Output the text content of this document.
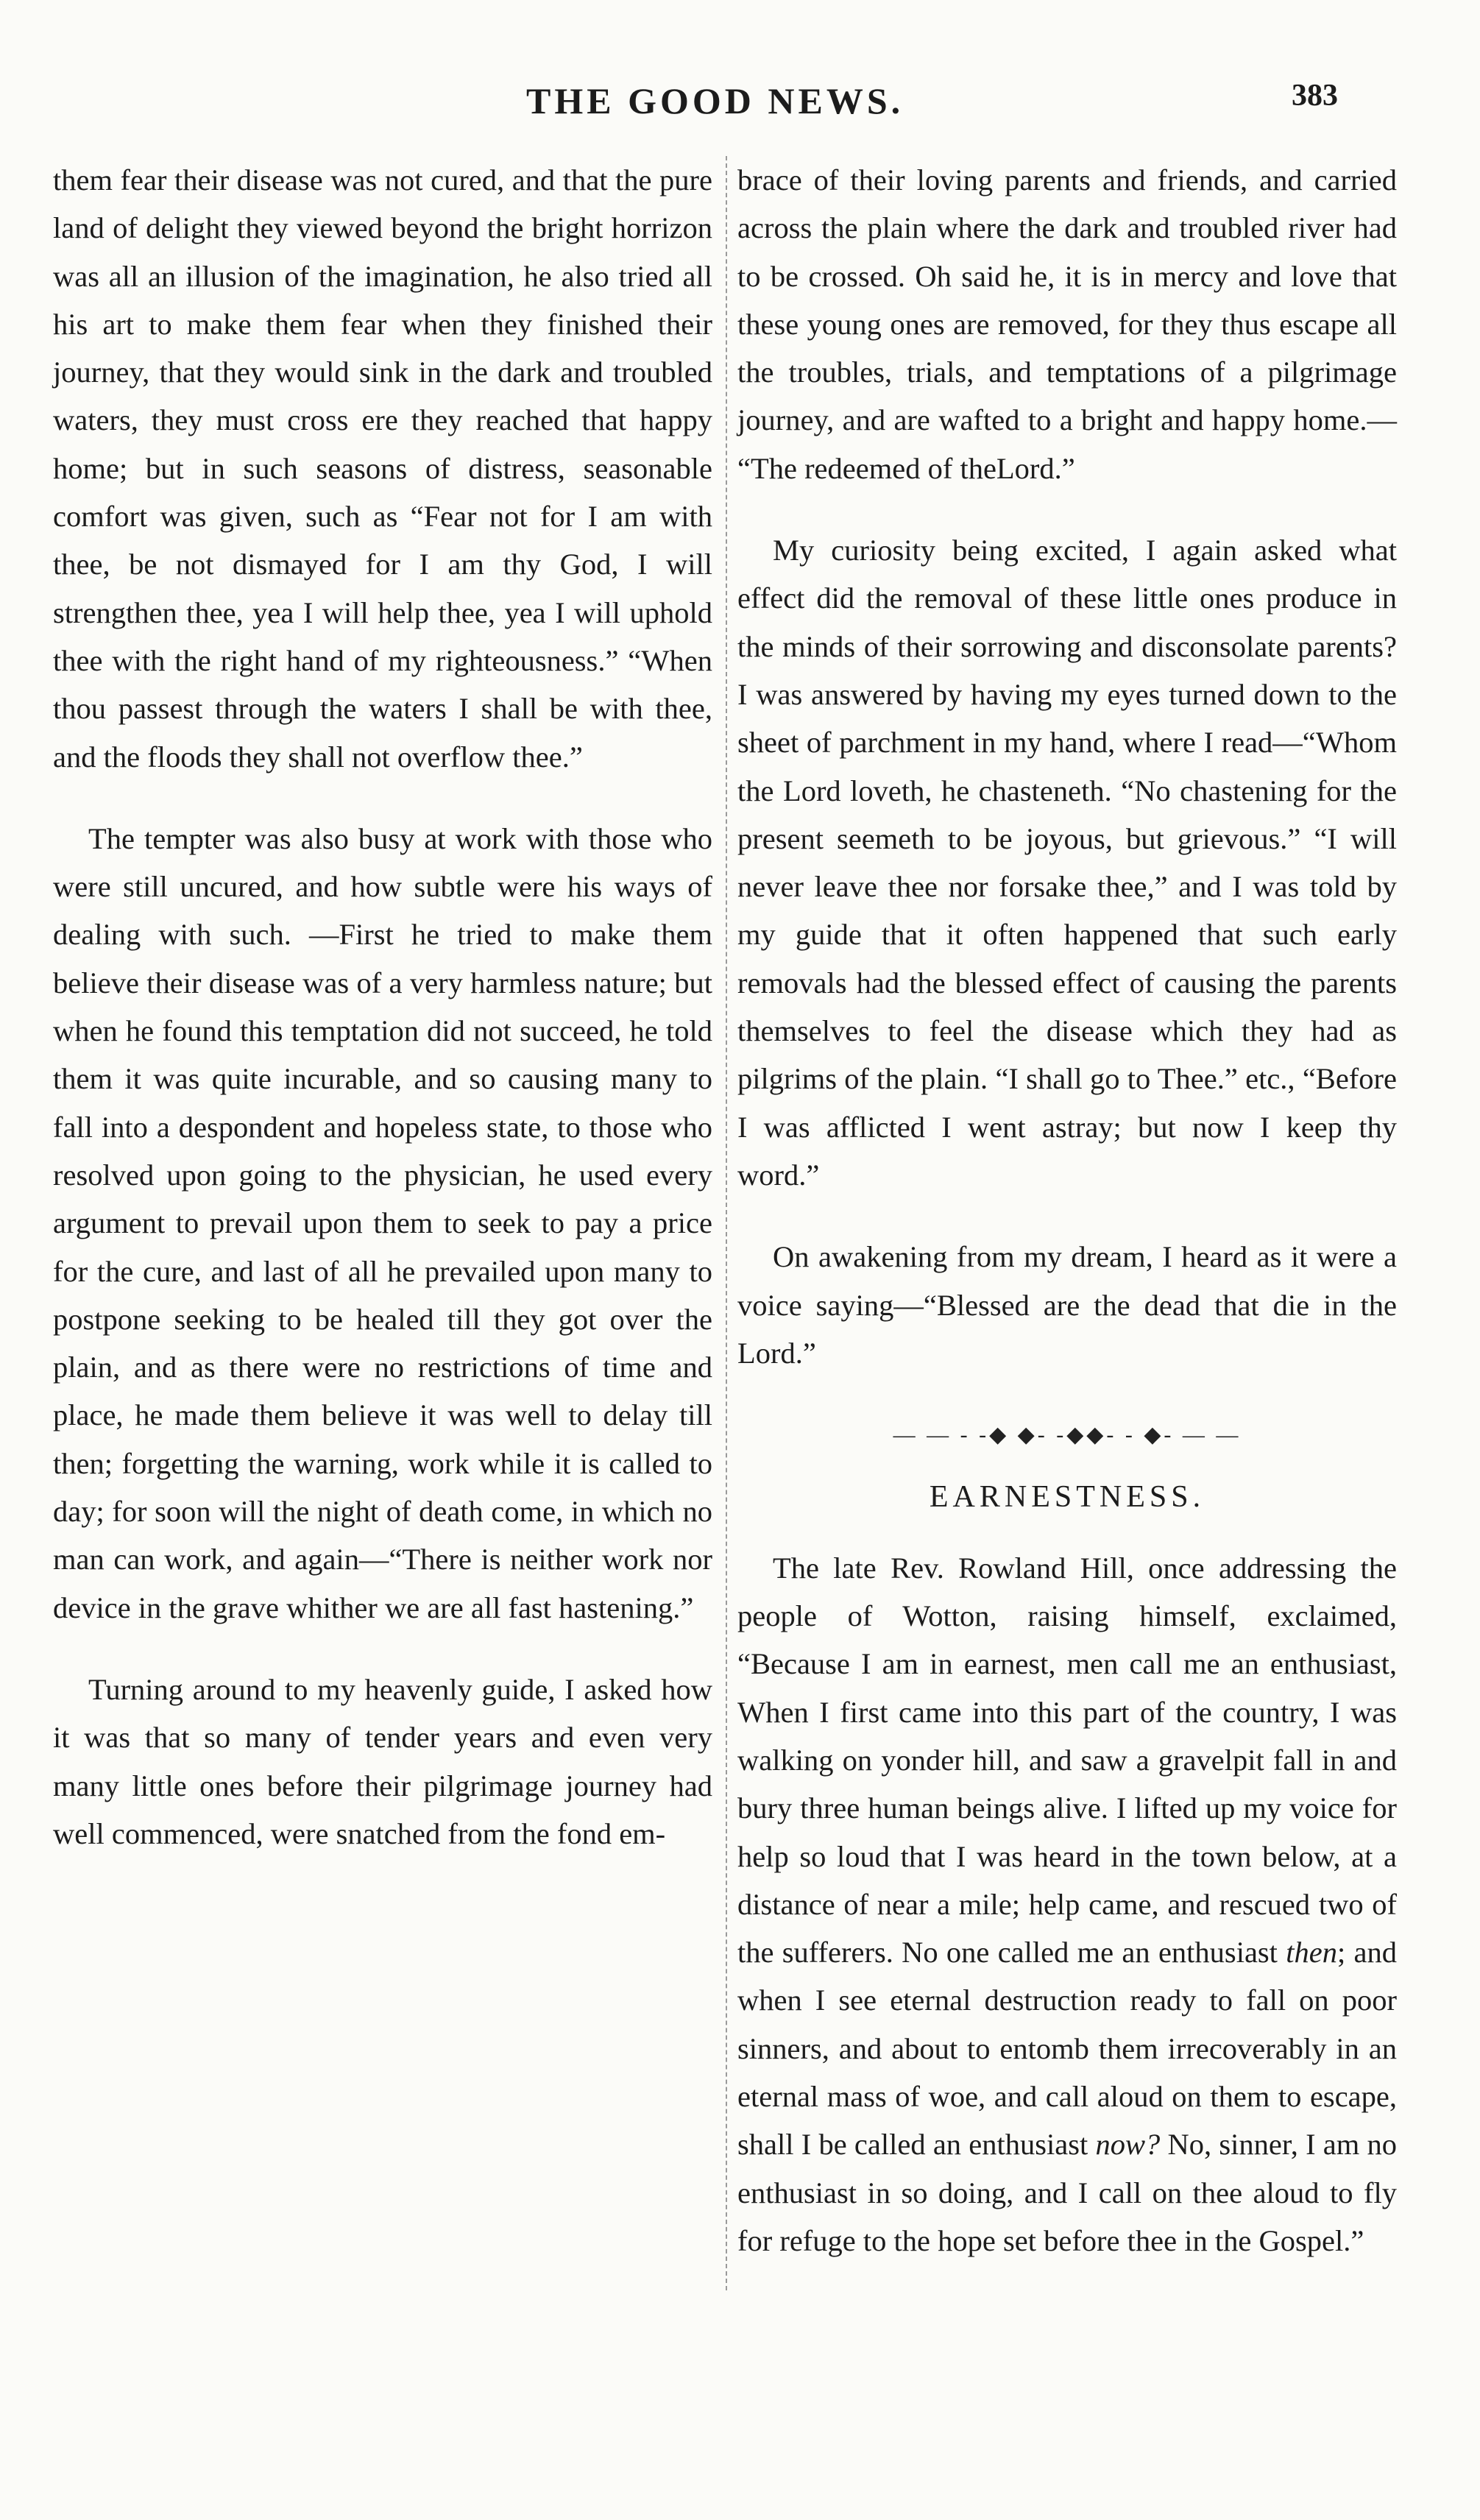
THE GOOD NEWS.	383

them fear their disease was not cured, and that the pure land of delight they viewed beyond the bright horrizon was all an illusion of the imagination, he also tried all his art to make them fear when they finished their journey, that they would sink in the dark and troubled waters, they must cross ere they reached that happy home; but in such seasons of distress, seasonable comfort was given, such as “Fear not for I am with thee, be not dismayed for I am thy God, I will strengthen thee, yea I will help thee, yea I will uphold thee with the right hand of my righteousness.” “When thou passest through the waters I shall be with thee, and the floods they shall not overflow thee.”

The tempter was also busy at work with those who were still uncured, and how subtle were his ways of dealing with such. —First he tried to make them believe their disease was of a very harmless nature; but when he found this temptation did not succeed, he told them it was quite incurable, and so causing many to fall into a despondent and hopeless state, to those who resolved upon going to the physician, he used every argument to prevail upon them to seek to pay a price for the cure, and last of all he prevailed upon many to postpone seeking to be healed till they got over the plain, and as there were no restrictions of time and place, he made them believe it was well to delay till then; forgetting the warning, work while it is called to day; for soon will the night of death come, in which no man can work, and again—“There is neither work nor device in the grave whither we are all fast hastening.”

Turning around to my heavenly guide, I asked how it was that so many of tender years and even very many little ones before their pilgrimage journey had well commenced, were snatched from the fond em-

brace of their loving parents and friends, and carried across the plain where the dark and troubled river had to be crossed. Oh said he, it is in mercy and love that these young ones are removed, for they thus escape all the troubles, trials, and temptations of a pilgrimage journey, and are wafted to a bright and happy home.— “The redeemed of theLord.”

My curiosity being excited, I again asked what effect did the removal of these little ones produce in the minds of their sorrowing and disconsolate parents? I was answered by having my eyes turned down to the sheet of parchment in my hand, where I read—“Whom the Lord loveth, he chasteneth. “No chastening for the present seemeth to be joyous, but grievous.” “I will never leave thee nor forsake thee,” and I was told by my guide that it often happened that such early removals had the blessed effect of causing the parents themselves to feel the disease which they had as pilgrims of the plain. “I shall go to Thee.” etc., “Before I was afflicted I went astray; but now I keep thy word.”

On awakening from my dream, I heard as it were a voice saying—“Blessed are the dead that die in the Lord.”

— — - -◆ ◆- -◆◆- - ◆- — —
EARNESTNESS.

The late Rev. Rowland Hill, once addressing the people of Wotton, raising himself, exclaimed, “Because I am in earnest, men call me an enthusiast, When I first came into this part of the country, I was walking on yonder hill, and saw a gravelpit fall in and bury three human beings alive. I lifted up my voice for help so loud that I was heard in the town below, at a distance of near a mile; help came, and rescued two of the sufferers. No one called me an enthusiast then; and when I see eternal destruction ready to fall on poor sinners, and about to entomb them irrecoverably in an eternal mass of woe, and call aloud on them to escape, shall I be called an enthusiast now? No, sinner, I am no enthusiast in so doing, and I call on thee aloud to fly for refuge to the hope set before thee in the Gospel.”
